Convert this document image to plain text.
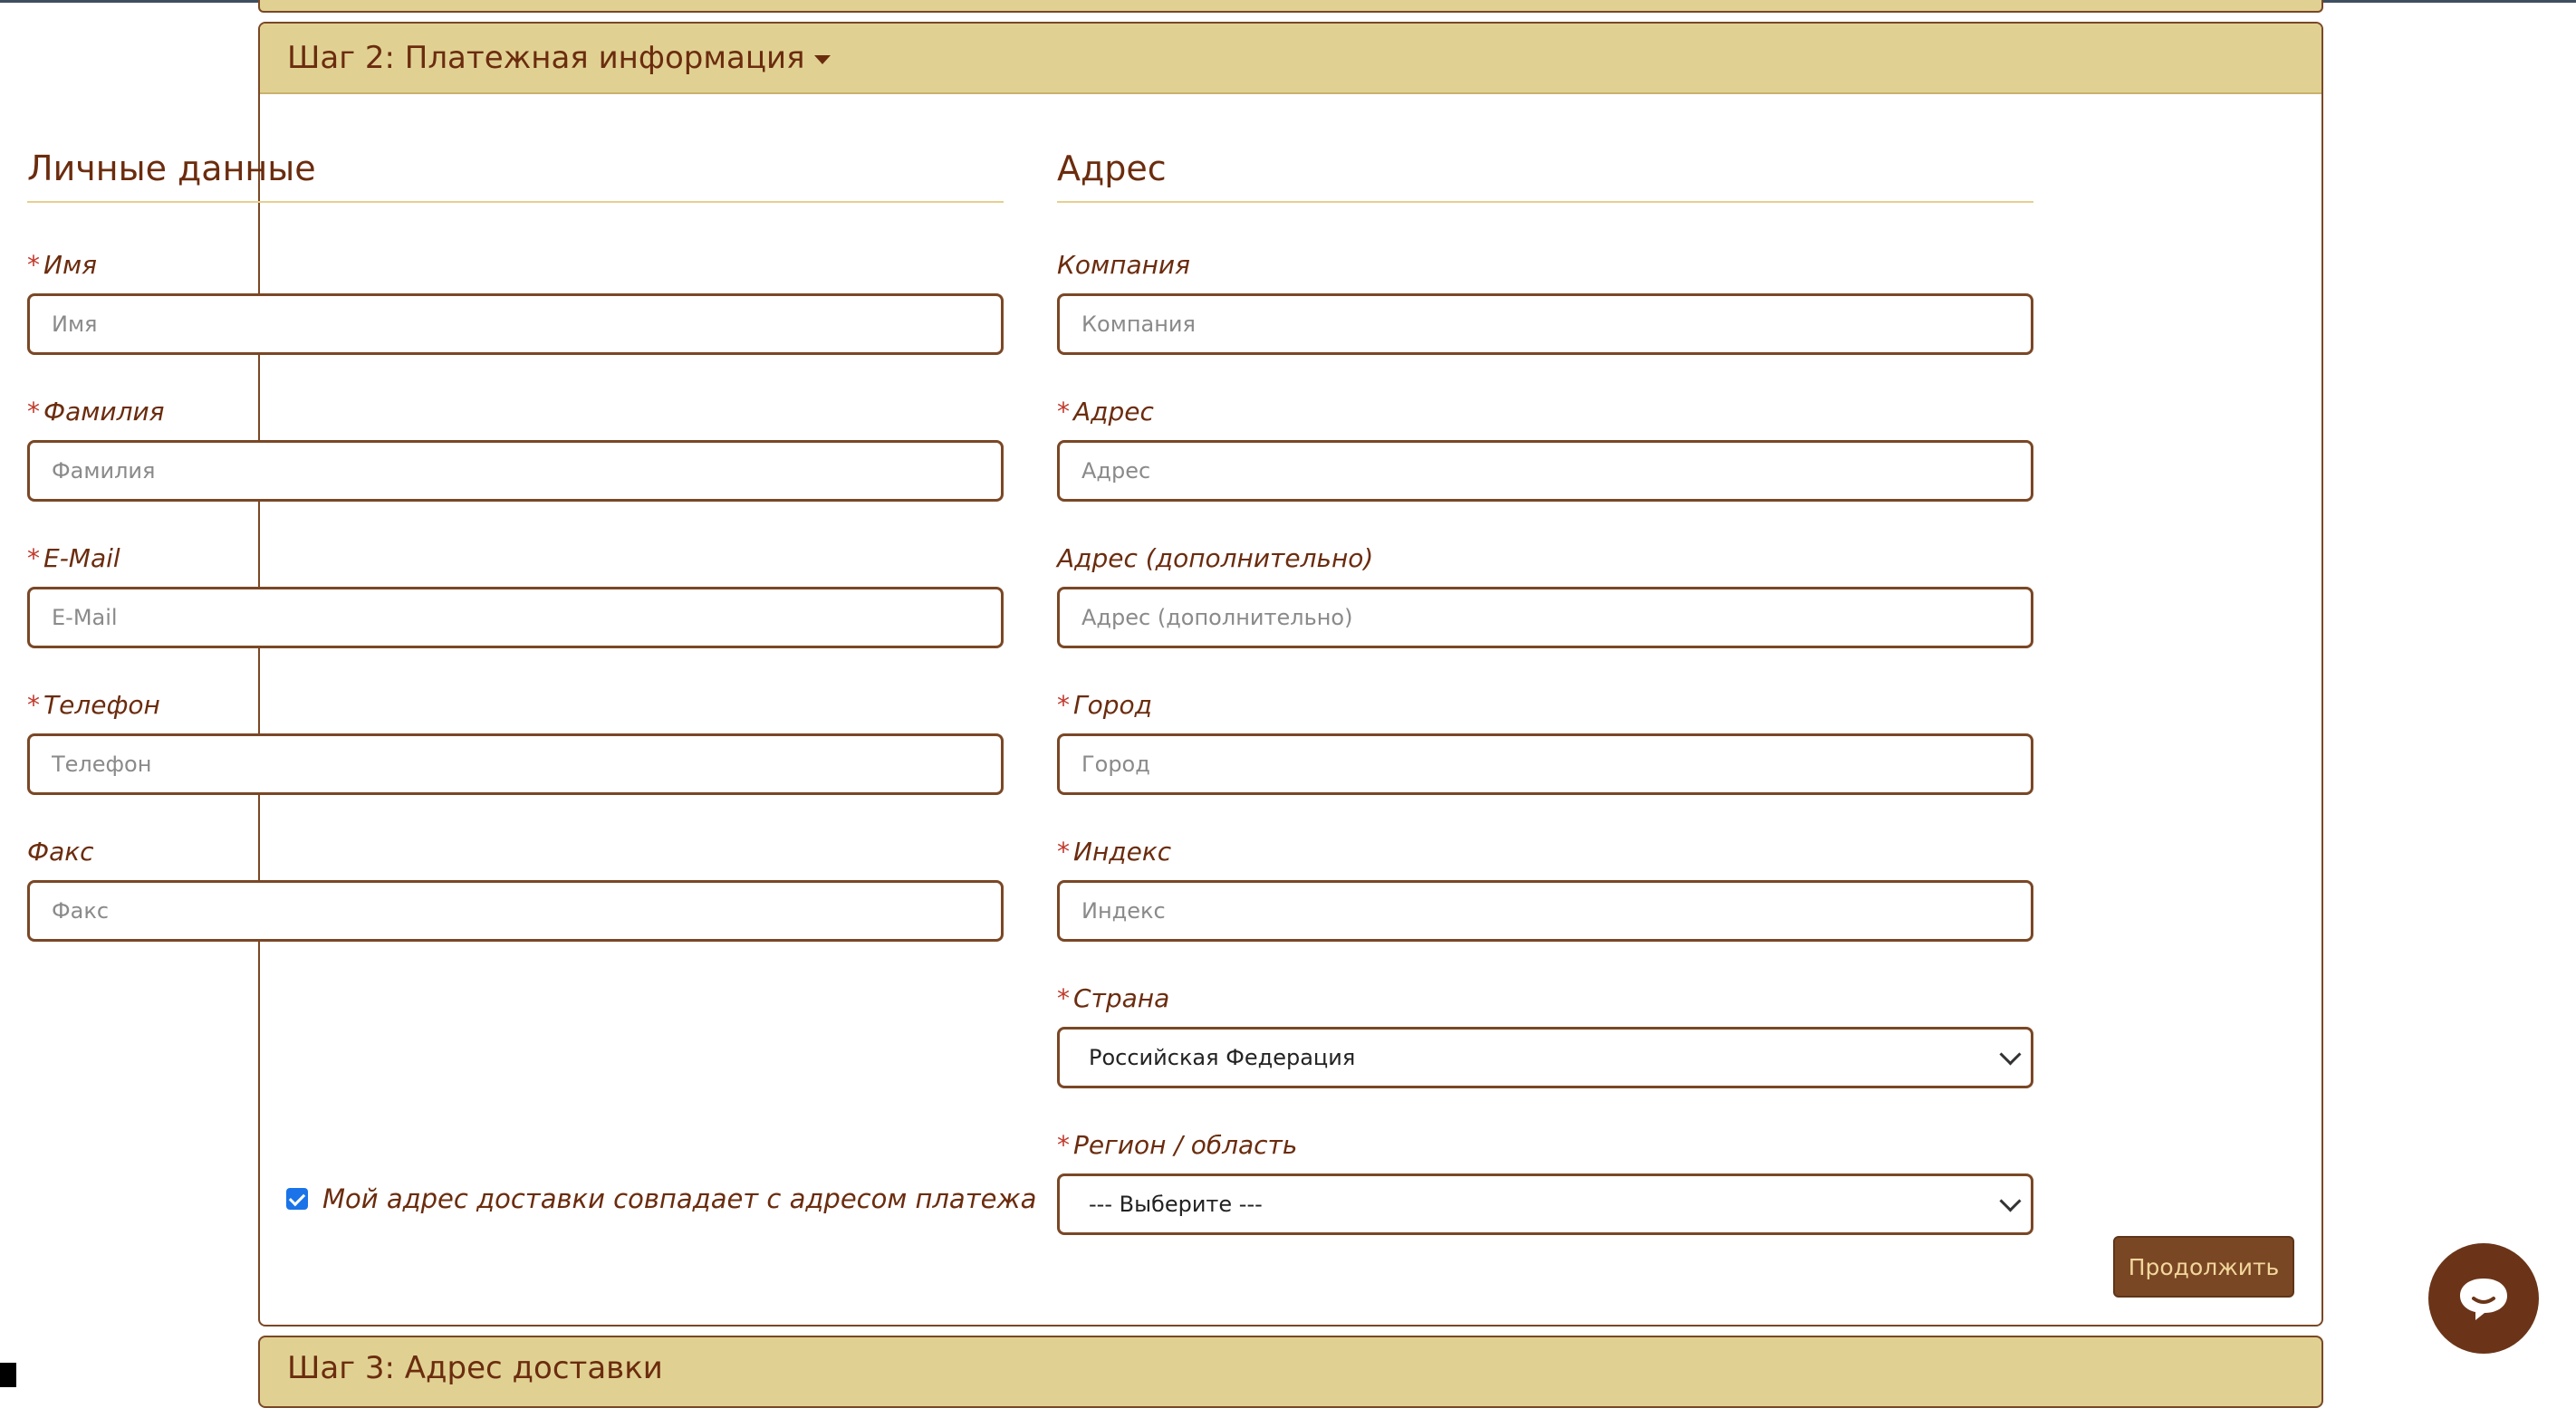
Шаг 2: Платежная информация
Личные данные
* Имя
Имя
* Фамилия
Фамилия
* E-Mail
E-Mail
* Телефон
Телефон
Факс
Факс
Адрес
Компания
Компания
* Адрес
Адрес
Адрес (дополнительно)
Адрес (дополнительно)
* Город
Город
* Индекс
Индекс
* Страна
Российская Федерация
* Регион / область
--- Выберите ---
Мой адрес доставки совпадает с адресом платежа
Продолжить
Шаг 3: Адрес доставки
